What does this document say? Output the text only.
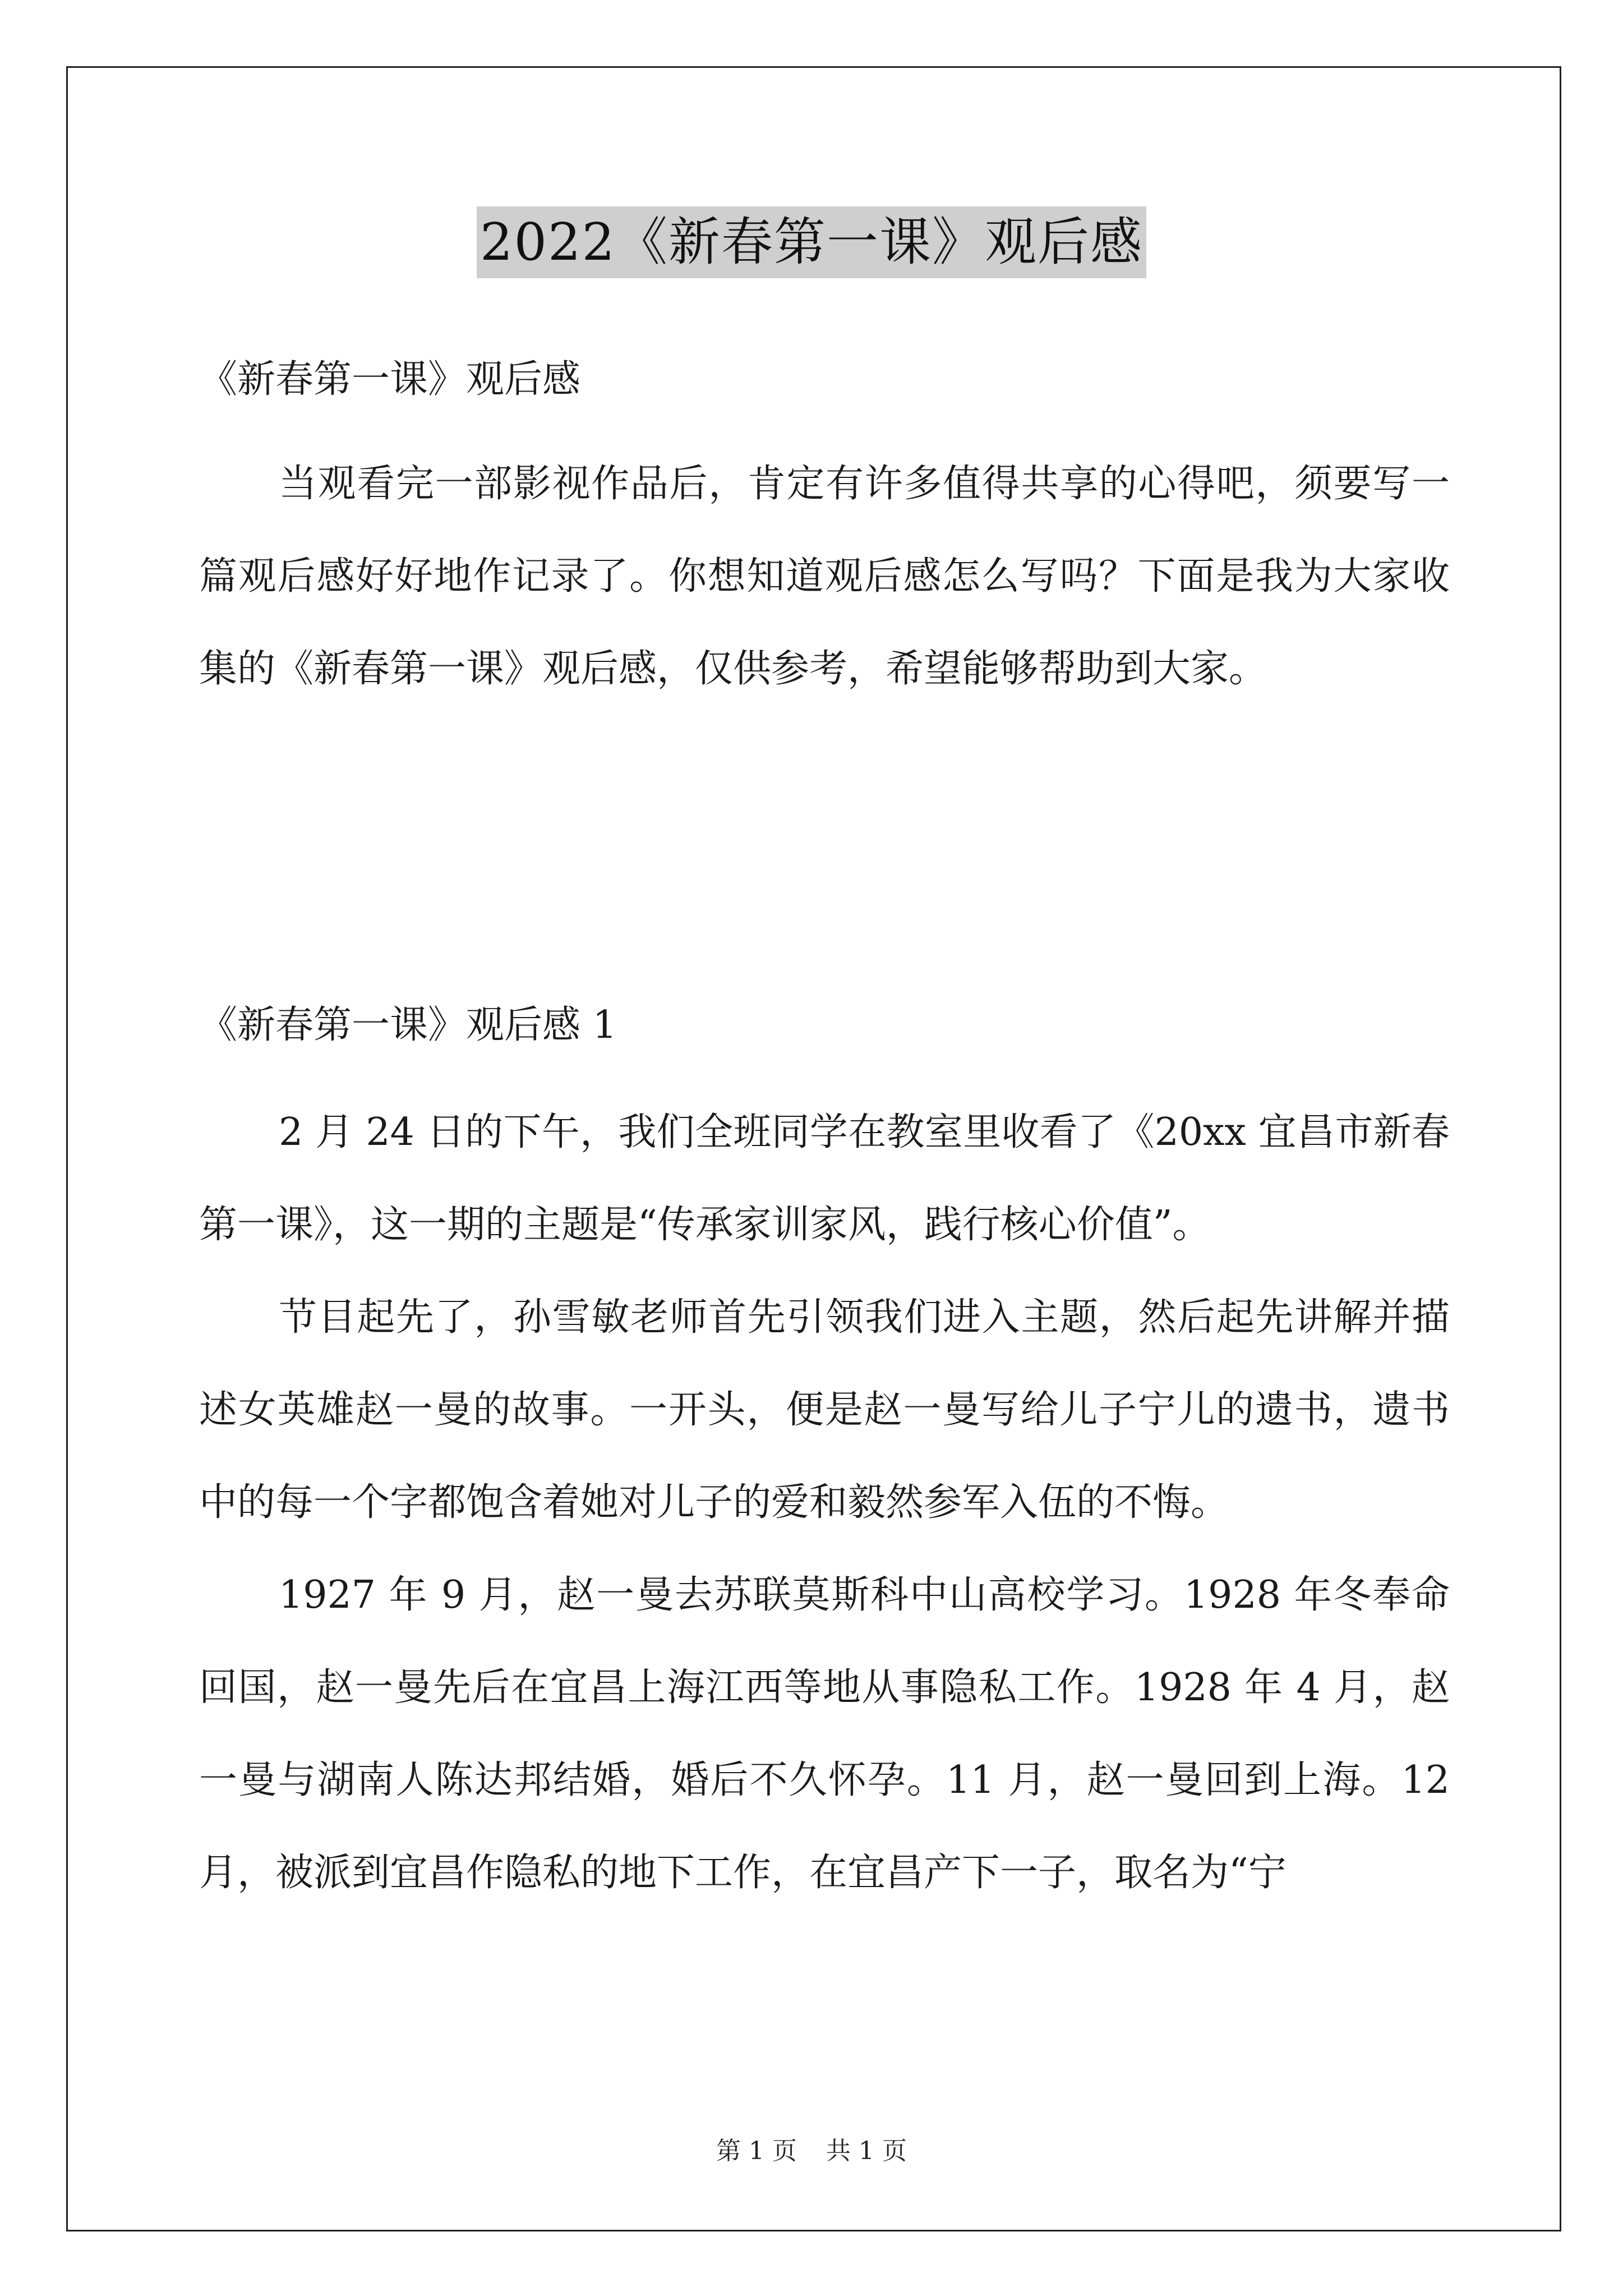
2022《新春第一课》观后感
《新春第一课》观后感

当观看完一部影视作品后，肯定有许多值得共享的心得吧，须要写一篇观后感好好地作记录了。你想知道观后感怎么写吗？下面是我为大家收集的《新春第一课》观后感，仅供参考，希望能够帮助到大家。

《新春第一课》观后感 1

2 月 24 日的下午，我们全班同学在教室里收看了《20xx 宜昌市新春第一课》，这一期的主题是“传承家训家风，践行核心价值”。

节目起先了，孙雪敏老师首先引领我们进入主题，然后起先讲解并描述女英雄赵一曼的故事。一开头，便是赵一曼写给儿子宁儿的遗书，遗书中的每一个字都饱含着她对儿子的爱和毅然参军入伍的不悔。

1927 年 9 月，赵一曼去苏联莫斯科中山高校学习。1928 年冬奉命回国，赵一曼先后在宜昌上海江西等地从事隐私工作。1928 年 4 月，赵一曼与湖南人陈达邦结婚，婚后不久怀孕。11 月，赵一曼回到上海。12 月，被派到宜昌作隐私的地下工作，在宜昌产下一子，取名为“宁

第 1 页 共 1 页
